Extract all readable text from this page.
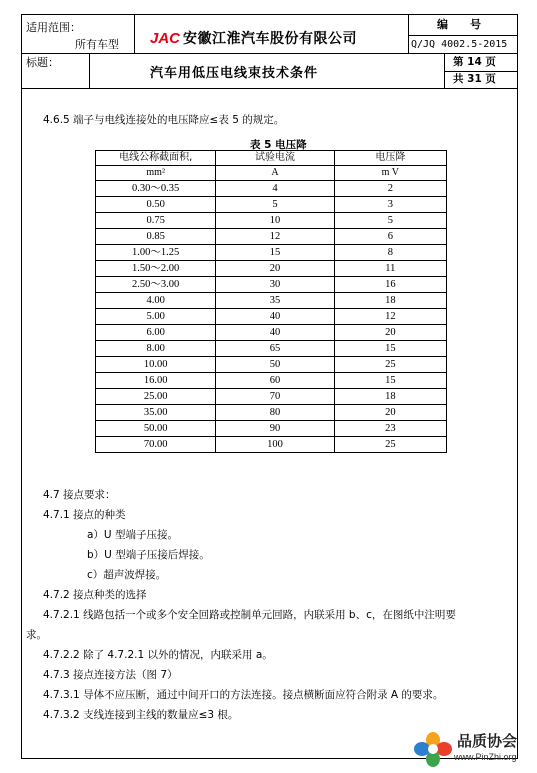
适用范围：
所有车型 JAC 安徽江淮汽车股份有限公司
编　　号
Q/JQ 4002.5-2015
标题：
汽车用低压电线束技术条件
第 14 页
共 31 页
4.6.5 端子与电线连接处的电压降应≤表 5 的规定。
表 5 电压降
电线公称截面积,	试验电流	电压降
mm²	A	m V
0.30～0.35	4	2
0.50	5	3
0.75	10	5
0.85	12	6
1.00～1.25	15	8
1.50～2.00	20	11
2.50～3.00	30	16
4.00	35	18
5.00	40	12
6.00	40	20
8.00	65	15
10.00	50	25
16.00	60	15
25.00	70	18
35.00	80	20
50.00	90	23
70.00	100	25
4.7 接点要求：
4.7.1 接点的种类
a）U 型端子压接。
b）U 型端子压接后焊接。
c）超声波焊接。
4.7.2 接点种类的选择
4.7.2.1 线路包括一个或多个安全回路或控制单元回路，内联采用 b、c，在图纸中注明要
求。
4.7.2.2 除了 4.7.2.1 以外的情况，内联采用 a。
4.7.3 接点连接方法（图 7）
4.7.3.1 导体不应压断，通过中间开口的方法连接。接点横断面应符合附录 A 的要求。
4.7.3.2 支线连接到主线的数量应≤3 根。
品质协会
www.PinZhi.org
